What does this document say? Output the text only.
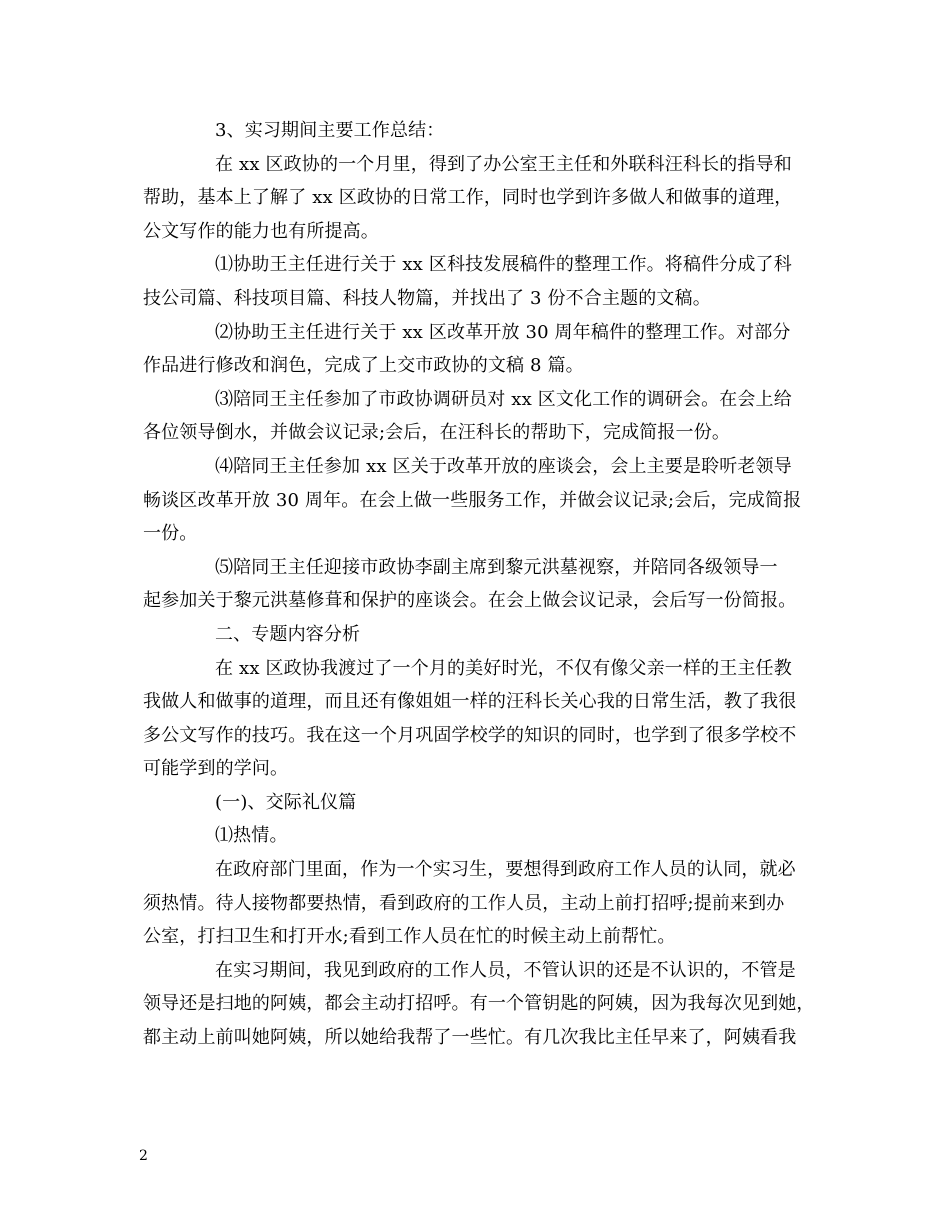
3、实习期间主要工作总结：
在 xx 区政协的一个月里，得到了办公室王主任和外联科汪科长的指导和
帮助，基本上了解了 xx 区政协的日常工作，同时也学到许多做人和做事的道理，
公文写作的能力也有所提高。
⑴协助王主任进行关于 xx 区科技发展稿件的整理工作。将稿件分成了科
技公司篇、科技项目篇、科技人物篇，并找出了 3 份不合主题的文稿。
⑵协助王主任进行关于 xx 区改革开放 30 周年稿件的整理工作。对部分
作品进行修改和润色，完成了上交市政协的文稿 8 篇。
⑶陪同王主任参加了市政协调研员对 xx 区文化工作的调研会。在会上给
各位领导倒水，并做会议记录;会后，在汪科长的帮助下，完成简报一份。
⑷陪同王主任参加 xx 区关于改革开放的座谈会，会上主要是聆听老领导
畅谈区改革开放 30 周年。在会上做一些服务工作，并做会议记录;会后，完成简报
一份。
⑸陪同王主任迎接市政协李副主席到黎元洪墓视察，并陪同各级领导一
起参加关于黎元洪墓修葺和保护的座谈会。在会上做会议记录，会后写一份简报。
二、专题内容分析
在 xx 区政协我渡过了一个月的美好时光，不仅有像父亲一样的王主任教
我做人和做事的道理，而且还有像姐姐一样的汪科长关心我的日常生活，教了我很
多公文写作的技巧。我在这一个月巩固学校学的知识的同时，也学到了很多学校不
可能学到的学问。
(一)、交际礼仪篇
⑴热情。
在政府部门里面，作为一个实习生，要想得到政府工作人员的认同，就必
须热情。待人接物都要热情，看到政府的工作人员，主动上前打招呼;提前来到办
公室，打扫卫生和打开水;看到工作人员在忙的时候主动上前帮忙。
在实习期间，我见到政府的工作人员，不管认识的还是不认识的，不管是
领导还是扫地的阿姨，都会主动打招呼。有一个管钥匙的阿姨，因为我每次见到她，
都主动上前叫她阿姨，所以她给我帮了一些忙。有几次我比主任早来了，阿姨看我
2
